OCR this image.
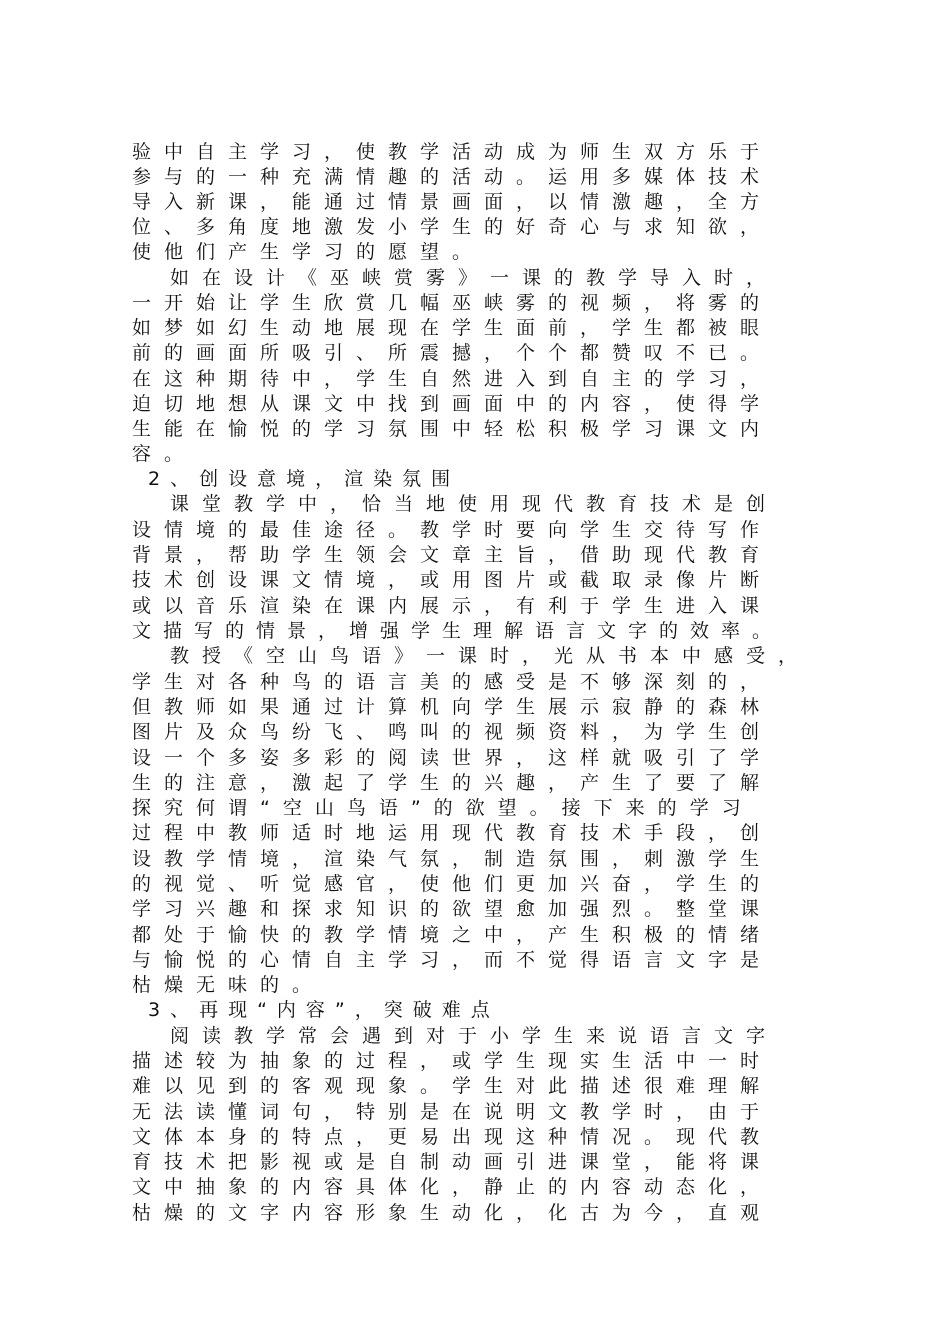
验中自主学习，使教学活动成为师生双方乐于
参与的一种充满情趣的活动。运用多媒体技术
导入新课，能通过情景画面，以情激趣，全方
位、多角度地激发小学生的好奇心与求知欲，
使他们产生学习的愿望。
如在设计《巫峡赏雾》一课的教学导入时，
一开始让学生欣赏几幅巫峡雾的视频，将雾的
如梦如幻生动地展现在学生面前，学生都被眼
前的画面所吸引、所震撼，个个都赞叹不已。
在这种期待中，学生自然进入到自主的学习，
迫切地想从课文中找到画面中的内容，使得学
生能在愉悦的学习氛围中轻松积极学习课文内
容。
2、创设意境，渲染氛围
课堂教学中，恰当地使用现代教育技术是创
设情境的最佳途径。教学时要向学生交待写作
背景，帮助学生领会文章主旨，借助现代教育
技术创设课文情境，或用图片或截取录像片断
或以音乐渲染在课内展示，有利于学生进入课
文描写的情景，增强学生理解语言文字的效率。
教授《空山鸟语》一课时，光从书本中感受，
学生对各种鸟的语言美的感受是不够深刻的，
但教师如果通过计算机向学生展示寂静的森林
图片及众鸟纷飞、鸣叫的视频资料，为学生创
设一个多姿多彩的阅读世界，这样就吸引了学
生的注意，激起了学生的兴趣，产生了要了解
探究何谓“空山鸟语”的欲望。接下来的学习
过程中教师适时地运用现代教育技术手段，创
设教学情境，渲染气氛，制造氛围，刺激学生
的视觉、听觉感官，使他们更加兴奋，学生的
学习兴趣和探求知识的欲望愈加强烈。整堂课
都处于愉快的教学情境之中，产生积极的情绪
与愉悦的心情自主学习，而不觉得语言文字是
枯燥无味的。
3、再现“内容”，突破难点
阅读教学常会遇到对于小学生来说语言文字
描述较为抽象的过程，或学生现实生活中一时
难以见到的客观现象。学生对此描述很难理解
无法读懂词句，特别是在说明文教学时，由于
文体本身的特点，更易出现这种情况。现代教
育技术把影视或是自制动画引进课堂，能将课
文中抽象的内容具体化，静止的内容动态化，
枯燥的文字内容形象生动化，化古为今，直观
